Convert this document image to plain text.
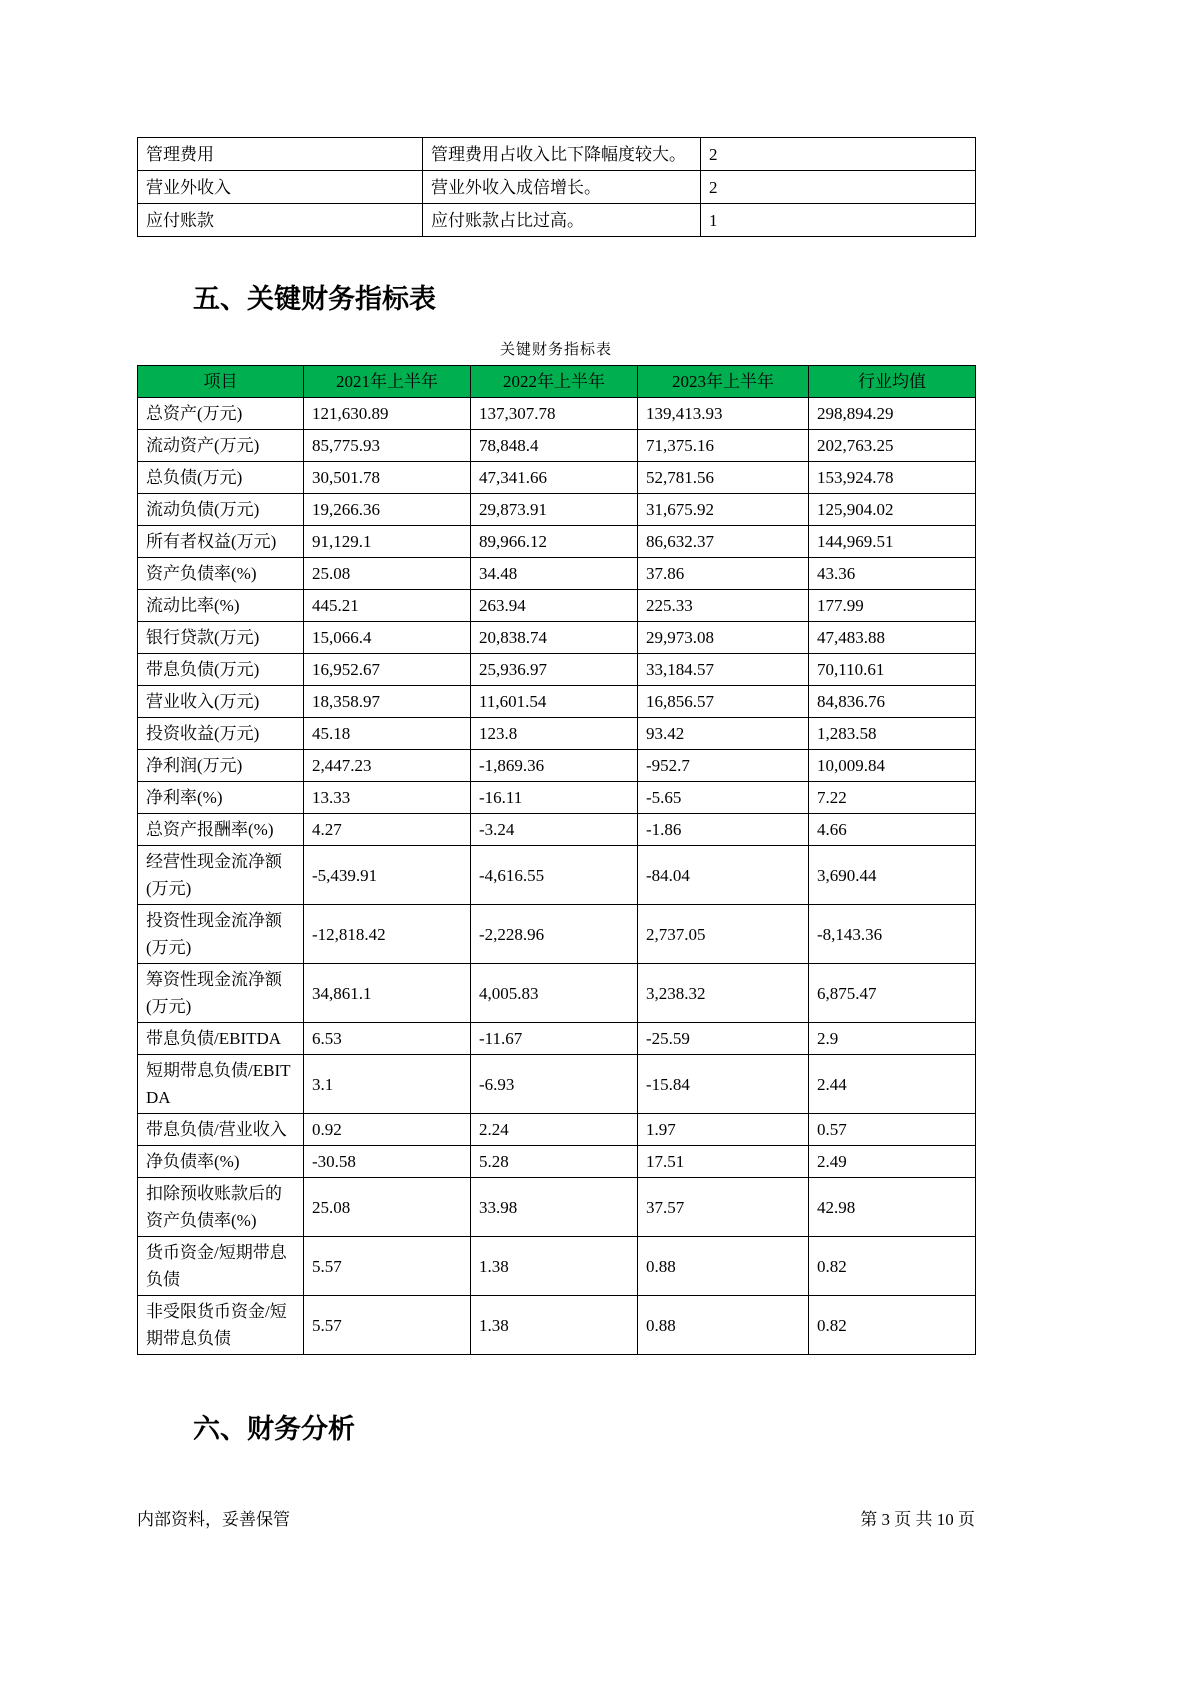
管理费用	管理费用占收入比下降幅度较大。	2
营业外收入	营业外收入成倍增长。	2
应付账款	应付账款占比过高。	1
五、关键财务指标表
关键财务指标表
项目	2021年上半年	2022年上半年	2023年上半年	行业均值
总资产(万元)	121,630.89	137,307.78	139,413.93	298,894.29
流动资产(万元)	85,775.93	78,848.4	71,375.16	202,763.25
总负债(万元)	30,501.78	47,341.66	52,781.56	153,924.78
流动负债(万元)	19,266.36	29,873.91	31,675.92	125,904.02
所有者权益(万元)	91,129.1	89,966.12	86,632.37	144,969.51
资产负债率(%)	25.08	34.48	37.86	43.36
流动比率(%)	445.21	263.94	225.33	177.99
银行贷款(万元)	15,066.4	20,838.74	29,973.08	47,483.88
带息负债(万元)	16,952.67	25,936.97	33,184.57	70,110.61
营业收入(万元)	18,358.97	11,601.54	16,856.57	84,836.76
投资收益(万元)	45.18	123.8	93.42	1,283.58
净利润(万元)	2,447.23	-1,869.36	-952.7	10,009.84
净利率(%)	13.33	-16.11	-5.65	7.22
总资产报酬率(%)	4.27	-3.24	-1.86	4.66
经营性现金流净额(万元)	-5,439.91	-4,616.55	-84.04	3,690.44
投资性现金流净额(万元)	-12,818.42	-2,228.96	2,737.05	-8,143.36
筹资性现金流净额(万元)	34,861.1	4,005.83	3,238.32	6,875.47
带息负债/EBITDA	6.53	-11.67	-25.59	2.9
短期带息负债/EBITDA	3.1	-6.93	-15.84	2.44
带息负债/营业收入	0.92	2.24	1.97	0.57
净负债率(%)	-30.58	5.28	17.51	2.49
扣除预收账款后的资产负债率(%)	25.08	33.98	37.57	42.98
货币资金/短期带息负债	5.57	1.38	0.88	0.82
非受限货币资金/短期带息负债	5.57	1.38	0.88	0.82
六、财务分析
内部资料，妥善保管	第 3 页 共 10 页
